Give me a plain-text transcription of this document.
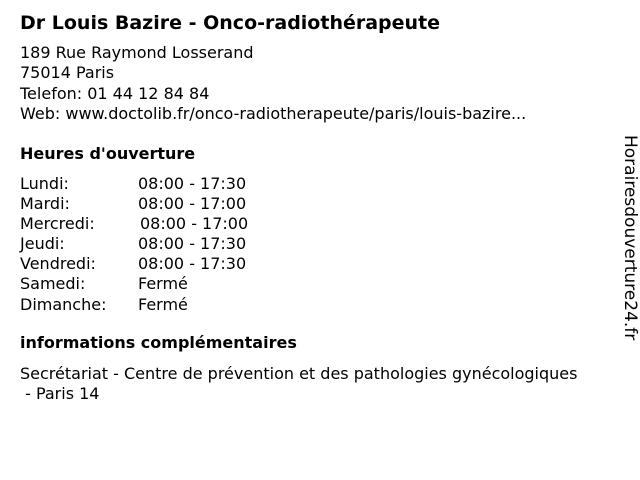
Dr Louis Bazire - Onco-radiothérapeute
189 Rue Raymond Losserand
75014 Paris
Telefon: 01 44 12 84 84
Web: www.doctolib.fr/onco-radiotherapeute/paris/louis-bazire...
Heures d'ouverture
Lundi:	08:00 - 17:30
Mardi:	08:00 - 17:00
Mercredi:	08:00 - 17:00
Jeudi:	08:00 - 17:30
Vendredi:	08:00 - 17:30
Samedi:	Fermé
Dimanche: Fermé
informations complémentaires
Secrétariat - Centre de prévention et des pathologies gynécologiques
- Paris 14
Horairesdouverture24.fr
